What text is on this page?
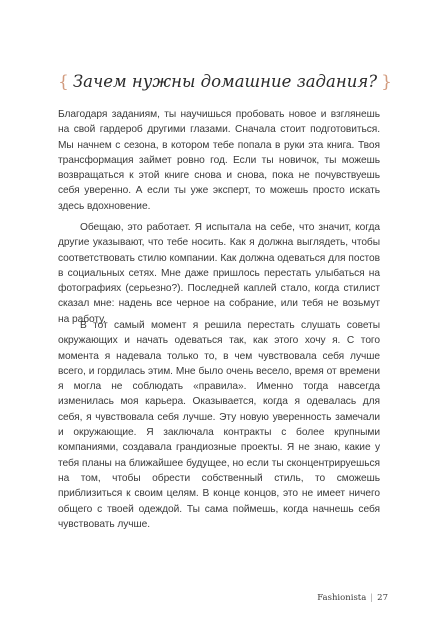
{ Зачем нужны домашние задания? }

Благодаря заданиям, ты научишься пробовать новое и взглянешь на свой гардероб другими глазами. Сначала стоит подготовиться. Мы начнем с сезона, в котором тебе попала в руки эта книга. Твоя трансформация займет ровно год. Если ты новичок, ты можешь возвращаться к этой книге снова и снова, пока не почувствуешь себя уверенно. А если ты уже эксперт, то можешь просто искать здесь вдохновение.

Обещаю, это работает. Я испытала на себе, что значит, когда другие указывают, что тебе носить. Как я должна выглядеть, чтобы соответствовать стилю компании. Как должна одеваться для постов в социальных сетях. Мне даже пришлось перестать улыбаться на фотографиях (серьезно?). Последней каплей стало, когда стилист сказал мне: надень все черное на собрание, или тебя не возьмут на работу.

В тот самый момент я решила перестать слушать советы окружающих и начать одеваться так, как этого хочу я. С того момента я надевала только то, в чем чувствовала себя лучше всего, и гордилась этим. Мне было очень весело, время от времени я могла не соблюдать «правила». Именно тогда навсегда изменилась моя карьера. Оказывается, когда я одевалась для себя, я чувствовала себя лучше. Эту новую уверенность замечали и окружающие. Я заключала контракты с более крупными компаниями, создавала грандиозные проекты. Я не знаю, какие у тебя планы на ближайшее будущее, но если ты сконцентрируешься на том, чтобы обрести собственный стиль, то сможешь приблизиться к своим целям. В конце концов, это не имеет ничего общего с твоей одеждой. Ты сама поймешь, когда начнешь себя чувствовать лучше.

Fashionista | 27
